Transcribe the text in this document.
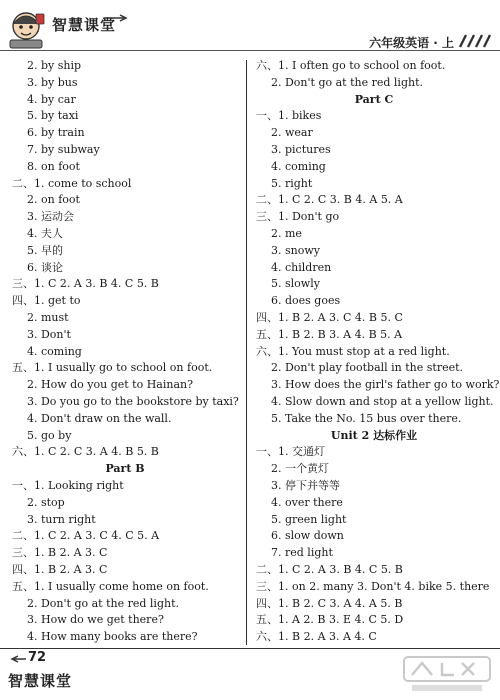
智慧课堂
六年级英语 · 上
2. by ship
3. by bus
4. by car
5. by taxi
6. by train
7. by subway
8. on foot
二、1. come to school
2. on foot
3. 运动会
4. 夫人
5. 早的
6. 谈论
三、1. C 2. A 3. B 4. C 5. B
四、1. get to
2. must
3. Don't
4. coming
五、1. I usually go to school on foot.
2. How do you get to Hainan?
3. Do you go to the bookstore by taxi?
4. Don't draw on the wall.
5. go by
六、1. C 2. C 3. A 4. B 5. B
Part B
一、1. Looking right
2. stop
3. turn right
二、1. C 2. A 3. C 4. C 5. A
三、1. B 2. A 3. C
四、1. B 2. A 3. C
五、1. I usually come home on foot.
2. Don't go at the red light.
3. How do we get there?
4. How many books are there?
六、1. I often go to school on foot.
2. Don't go at the red light.
Part C
一、1. bikes
2. wear
3. pictures
4. coming
5. right
二、1. C 2. C 3. B 4. A 5. A
三、1. Don't go
2. me
3. snowy
4. children
5. slowly
6. does goes
四、1. B 2. A 3. C 4. B 5. C
五、1. B 2. B 3. A 4. B 5. A
六、1. You must stop at a red light.
2. Don't play football in the street.
3. How does the girl's father go to work?
4. Slow down and stop at a yellow light.
5. Take the No. 15 bus over there.
Unit 2 达标作业
一、1. 交通灯
2. 一个黄灯
3. 停下并等等
4. over there
5. green light
6. slow down
7. red light
二、1. C 2. A 3. B 4. C 5. B
三、1. on 2. many 3. Don't 4. bike 5. there
四、1. B 2. C 3. A 4. A 5. B
五、1. A 2. B 3. E 4. C 5. D
六、1. B 2. A 3. A 4. C
72
智慧课堂
